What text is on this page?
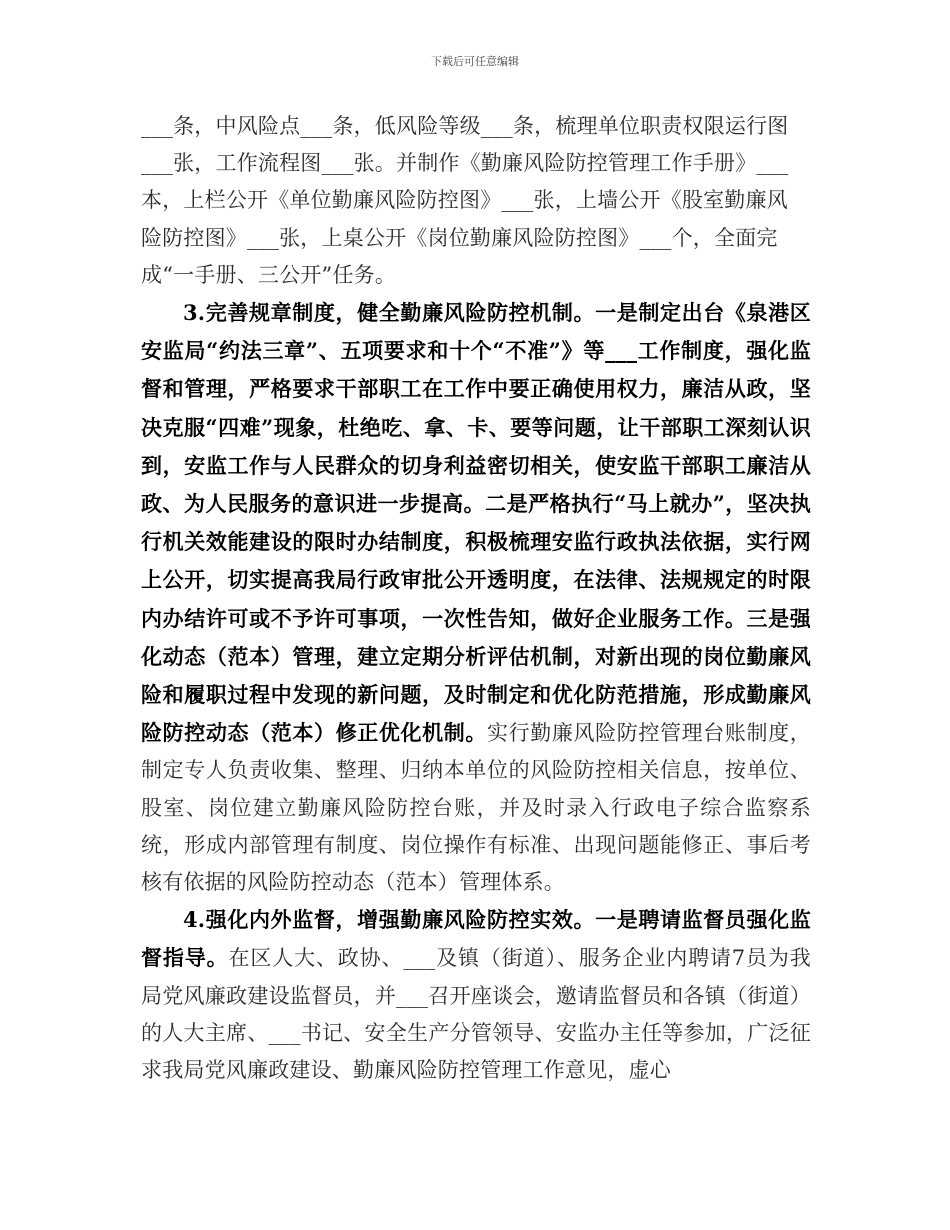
下载后可任意编辑

___条，中风险点___条，低风险等级___条，梳理单位职责权限运行图
___张，工作流程图___张。并制作《勤廉风险防控管理工作手册》___
本，上栏公开《单位勤廉风险防控图》___张，上墙公开《股室勤廉风
险防控图》___张，上桌公开《岗位勤廉风险防控图》___个，全面完
成“一手册、三公开”任务。

3.完善规章制度，健全勤廉风险防控机制。一是制定出台《泉港区安监局“约法三章”、五项要求和十个“不准”》等___工作制度，强化监督和管理，严格要求干部职工在工作中要正确使用权力，廉洁从政，坚决克服“四难”现象，杜绝吃、拿、卡、要等问题，让干部职工深刻认识到，安监工作与人民群众的切身利益密切相关，使安监干部职工廉洁从政、为人民服务的意识进一步提高。二是严格执行“马上就办”，坚决执行机关效能建设的限时办结制度，积极梳理安监行政执法依据，实行网上公开，切实提高我局行政审批公开透明度，在法律、法规规定的时限内办结许可或不予许可事项，一次性告知，做好企业服务工作。三是强化动态（范本）管理，建立定期分析评估机制，对新出现的岗位勤廉风险和履职过程中发现的新问题，及时制定和优化防范措施，形成勤廉风险防控动态（范本）修正优化机制。实行勤廉风险防控管理台账制度，制定专人负责收集、整理、归纳本单位的风险防控相关信息，按单位、股室、岗位建立勤廉风险防控台账，并及时录入行政电子综合监察系统，形成内部管理有制度、岗位操作有标准、出现问题能修正、事后考核有依据的风险防控动态（范本）管理体系。

4.强化内外监督，增强勤廉风险防控实效。一是聘请监督员强化监督指导。在区人大、政协、___及镇（街道）、服务企业内聘请7员为我局党风廉政建设监督员，并___召开座谈会，邀请监督员和各镇（街道）的人大主席、___书记、安全生产分管领导、安监办主任等参加，广泛征求我局党风廉政建设、勤廉风险防控管理工作意见，虚心
